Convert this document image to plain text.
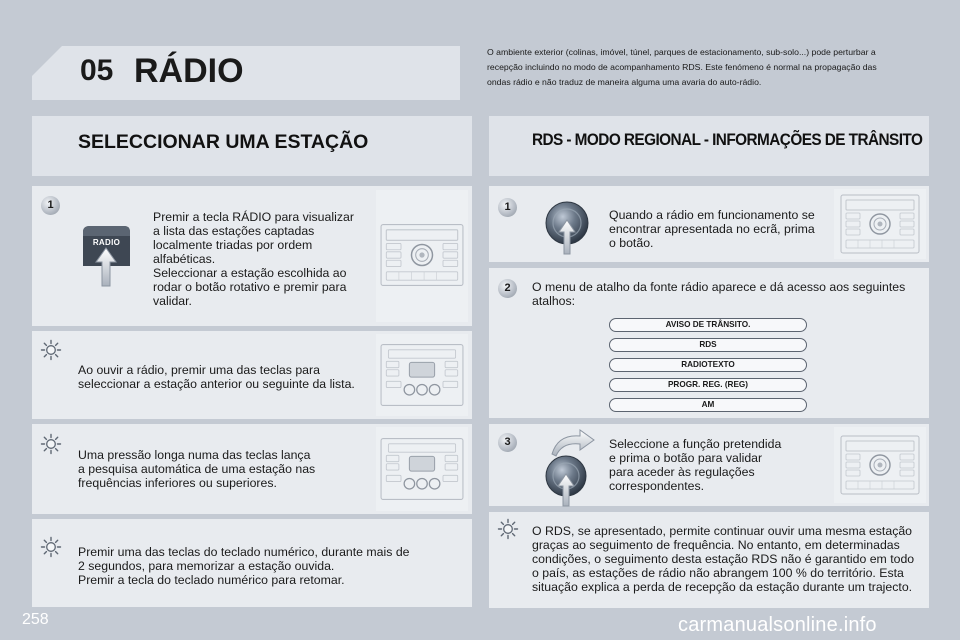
05 RÁDIO	O ambiente exterior (colinas, imóvel, túnel, parques de estacionamento, sub-solo...) pode perturbar a recepção incluindo no modo de acompanhamento RDS. Este fenómeno é normal na propagação das ondas rádio e não traduz de maneira alguma uma avaria do auto-rádio.
SELECCIONAR UMA ESTAÇÃO	RDS - MODO REGIONAL - INFORMAÇÕES DE TRÂNSITO
1
RADIO
Premir a tecla RÁDIO para visualizar
a lista das estações captadas
localmente triadas por ordem
alfabéticas.
Seleccionar a estação escolhida ao
rodar o botão rotativo e premir para
validar.
Ao ouvir a rádio, premir uma das teclas para
seleccionar a estação anterior ou seguinte da lista.
Uma pressão longa numa das teclas lança
a pesquisa automática de uma estação nas
frequências inferiores ou superiores.
Premir uma das teclas do teclado numérico, durante mais de
2 segundos, para memorizar a estação ouvida.
Premir a tecla do teclado numérico para retomar.
1
Quando a rádio em funcionamento se
encontrar apresentada no ecrã, prima
o botão.
2	O menu de atalho da fonte rádio aparece e dá acesso aos seguintes
atalhos:
AVISO DE TRÂNSITO.
RDS
RADIOTEXTO
PROGR. REG. (REG)
AM
3	Seleccione a função pretendida
e prima o botão para validar
para aceder às regulações
correspondentes.
O RDS, se apresentado, permite continuar ouvir uma mesma estação
graças ao seguimento de frequência. No entanto, em determinadas
condições, o seguimento desta estação RDS não é garantido em todo
o país, as estações de rádio não abrangem 100 % do território. Esta
situação explica a perda de recepção da estação durante um trajecto.
258	carmanualsonline.info
